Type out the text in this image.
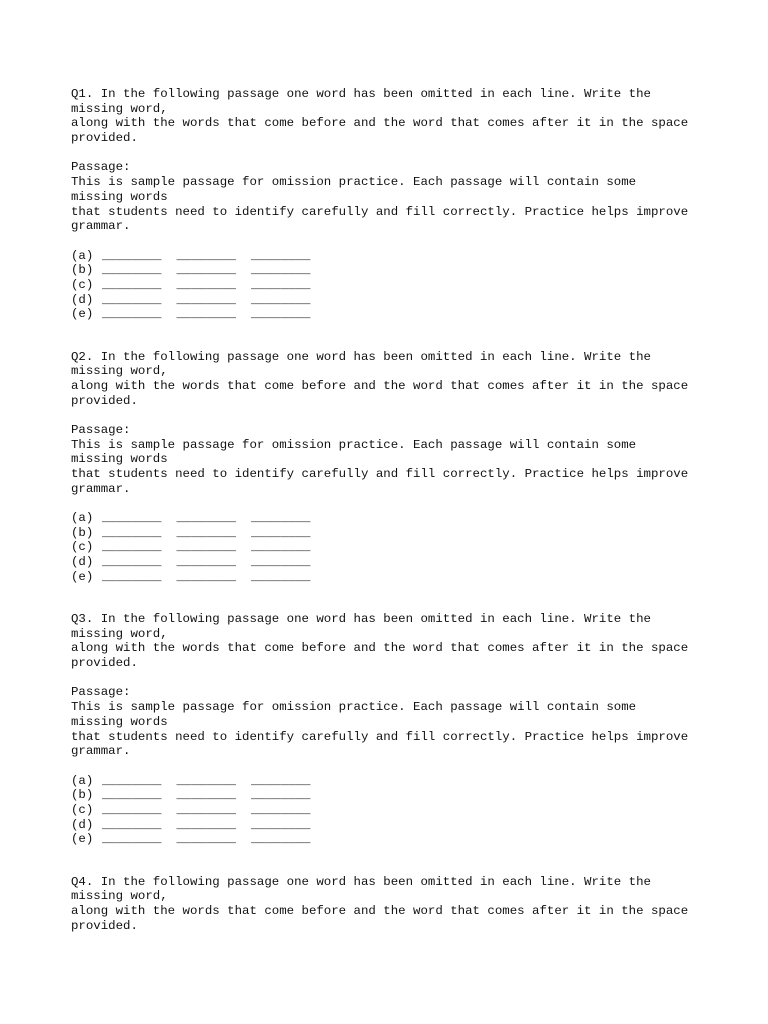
Q1. In the following passage one word has been omitted in each line. Write the
missing word,
along with the words that come before and the word that comes after it in the space
provided.
Passage:
This is sample passage for omission practice. Each passage will contain some
missing words
that students need to identify carefully and fill correctly. Practice helps improve
grammar.
(a) ________ ________ ________
(b) ________ ________ ________
(c) ________ ________ ________
(d) ________ ________ ________
(e) ________ ________ ________
Q2. In the following passage one word has been omitted in each line. Write the
missing word,
along with the words that come before and the word that comes after it in the space
provided.
Passage:
This is sample passage for omission practice. Each passage will contain some
missing words
that students need to identify carefully and fill correctly. Practice helps improve
grammar.
(a) ________ ________ ________
(b) ________ ________ ________
(c) ________ ________ ________
(d) ________ ________ ________
(e) ________ ________ ________
Q3. In the following passage one word has been omitted in each line. Write the
missing word,
along with the words that come before and the word that comes after it in the space
provided.
Passage:
This is sample passage for omission practice. Each passage will contain some
missing words
that students need to identify carefully and fill correctly. Practice helps improve
grammar.
(a) ________ ________ ________
(b) ________ ________ ________
(c) ________ ________ ________
(d) ________ ________ ________
(e) ________ ________ ________
Q4. In the following passage one word has been omitted in each line. Write the
missing word,
along with the words that come before and the word that comes after it in the space
provided.
